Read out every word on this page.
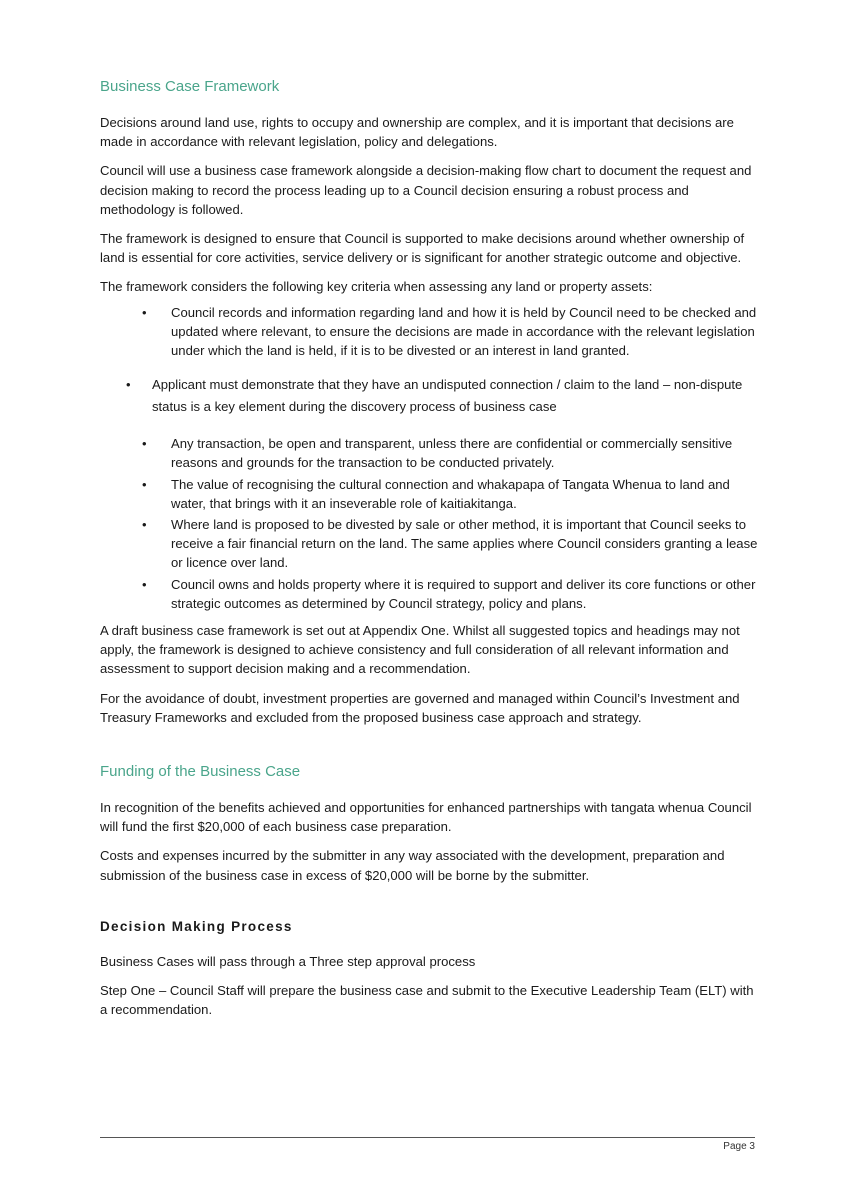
Business Case Framework

Decisions around land use, rights to occupy and ownership are complex, and it is important that decisions are made in accordance with relevant legislation, policy and delegations.

Council will use a business case framework alongside a decision-making flow chart to document the request and decision making to record the process leading up to a Council decision ensuring a robust process and methodology is followed.

The framework is designed to ensure that Council is supported to make decisions around whether ownership of land is essential for core activities, service delivery or is significant for another strategic outcome and objective.

The framework considers the following key criteria when assessing any land or property assets:

• Council records and information regarding land and how it is held by Council need to be checked and updated where relevant, to ensure the decisions are made in accordance with the relevant legislation under which the land is held, if it is to be divested or an interest in land granted.
• Applicant must demonstrate that they have an undisputed connection / claim to the land – non-dispute status is a key element during the discovery process of business case
• Any transaction, be open and transparent, unless there are confidential or commercially sensitive reasons and grounds for the transaction to be conducted privately.
• The value of recognising the cultural connection and whakapapa of Tangata Whenua to land and water, that brings with it an inseverable role of kaitiakitanga.
• Where land is proposed to be divested by sale or other method, it is important that Council seeks to receive a fair financial return on the land. The same applies where Council considers granting a lease or licence over land.
• Council owns and holds property where it is required to support and deliver its core functions or other strategic outcomes as determined by Council strategy, policy and plans.

A draft business case framework is set out at Appendix One. Whilst all suggested topics and headings may not apply, the framework is designed to achieve consistency and full consideration of all relevant information and assessment to support decision making and a recommendation.

For the avoidance of doubt, investment properties are governed and managed within Council’s Investment and Treasury Frameworks and excluded from the proposed business case approach and strategy.

Funding of the Business Case

In recognition of the benefits achieved and opportunities for enhanced partnerships with tangata whenua Council will fund the first $20,000 of each business case preparation.

Costs and expenses incurred by the submitter in any way associated with the development, preparation and submission of the business case in excess of $20,000 will be borne by the submitter.

Decision Making Process

Business Cases will pass through a Three step approval process

Step One – Council Staff will prepare the business case and submit to the Executive Leadership Team (ELT) with a recommendation.

Page 3
